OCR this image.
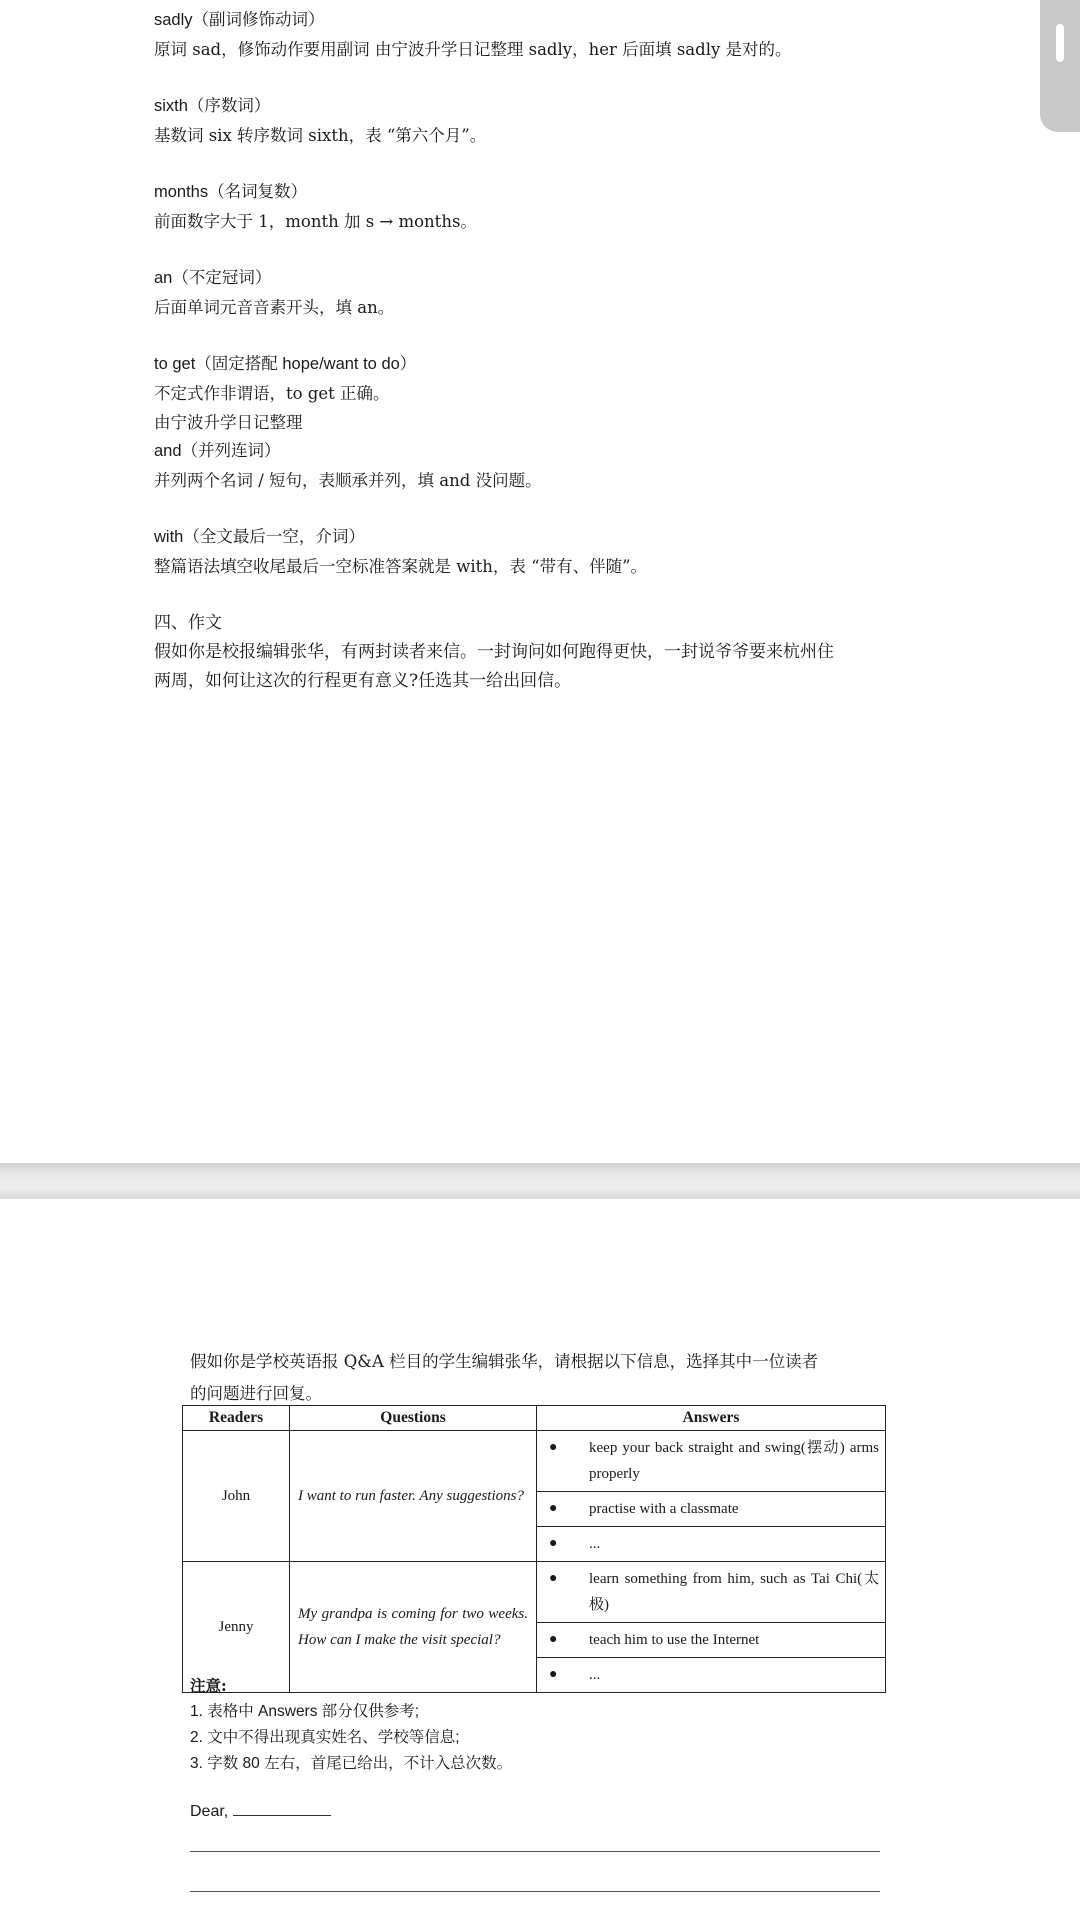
sadly（副词修饰动词）
原词 sad，修饰动作要用副词 由宁波升学日记整理 sadly，her 后面填 sadly 是对的。
sixth（序数词）
基数词 six 转序数词 sixth，表 “第六个月”。
months（名词复数）
前面数字大于 1，month 加 s → months。
an（不定冠词）
后面单词元音音素开头，填 an。
to get（固定搭配 hope/want to do）
不定式作非谓语，to get 正确。
由宁波升学日记整理
and（并列连词）
并列两个名词 / 短句，表顺承并列，填 and 没问题。
with（全文最后一空，介词）
整篇语法填空收尾最后一空标准答案就是 with，表 “带有、伴随”。
四、作文
假如你是校报编辑张华，有两封读者来信。一封询问如何跑得更快，一封说爷爷要来杭州住
两周，如何让这次的行程更有意义?任选其一给出回信。
假如你是学校英语报 Q&A 栏目的学生编辑张华，请根据以下信息，选择其中一位读者
的问题进行回复。
Readers	Questions	Answers
John	I want to run faster. Any suggestions?	● keep your back straight and swing(摆动) arms properly

		● practise with a classmate

		● ...

Jenny	My grandpa is coming for two weeks. How can I make the visit special?	● learn something from him, such as Tai Chi(太极)

		● teach him to use the Internet

		● ...
注意:
1. 表格中 Answers 部分仅供参考;
2. 文中不得出现真实姓名、学校等信息;
3. 字数 80 左右，首尾已给出，不计入总次数。
Dear,
